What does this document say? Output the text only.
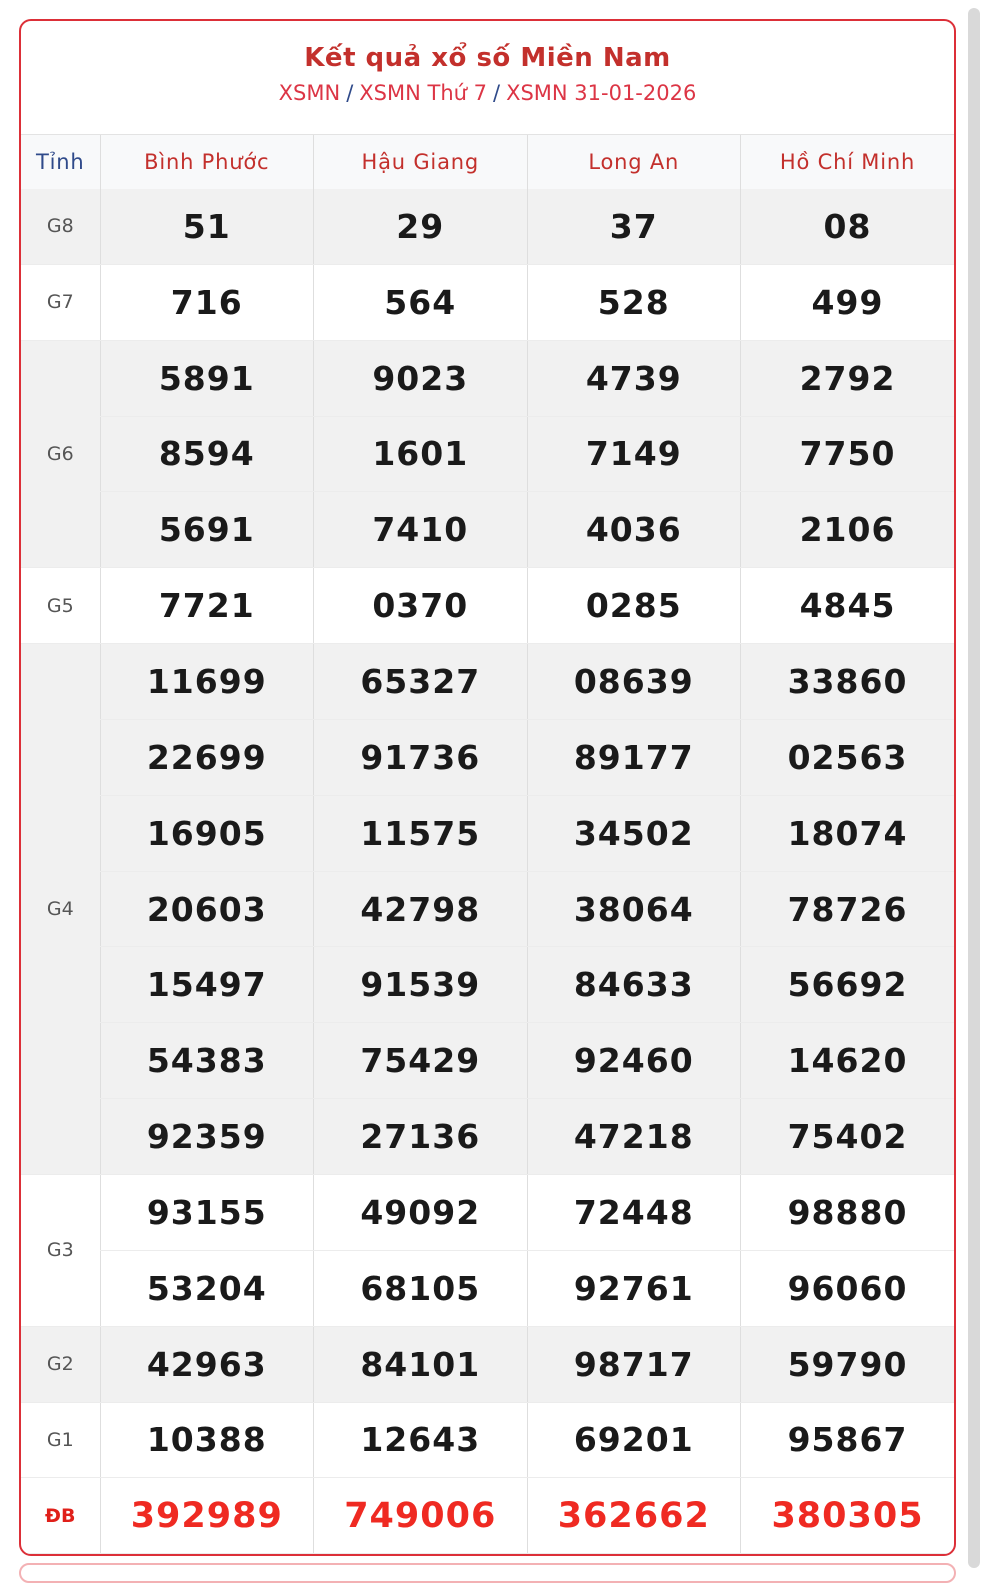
Kết quả xổ số Miền Nam
XSMN / XSMN Thứ 7 / XSMN 31-01-2026
Tỉnh	Bình Phước	Hậu Giang	Long An	Hồ Chí Minh
G8	51	29	37	08
G7	716	564	528	499
G6	5891	9023	4739	2792
	8594	1601	7149	7750
	5691	7410	4036	2106
G5	7721	0370	0285	4845
G4	11699	65327	08639	33860
	22699	91736	89177	02563
	16905	11575	34502	18074
	20603	42798	38064	78726
	15497	91539	84633	56692
	54383	75429	92460	14620
	92359	27136	47218	75402
G3	93155	49092	72448	98880
	53204	68105	92761	96060
G2	42963	84101	98717	59790
G1	10388	12643	69201	95867
ĐB	392989	749006	362662	380305
